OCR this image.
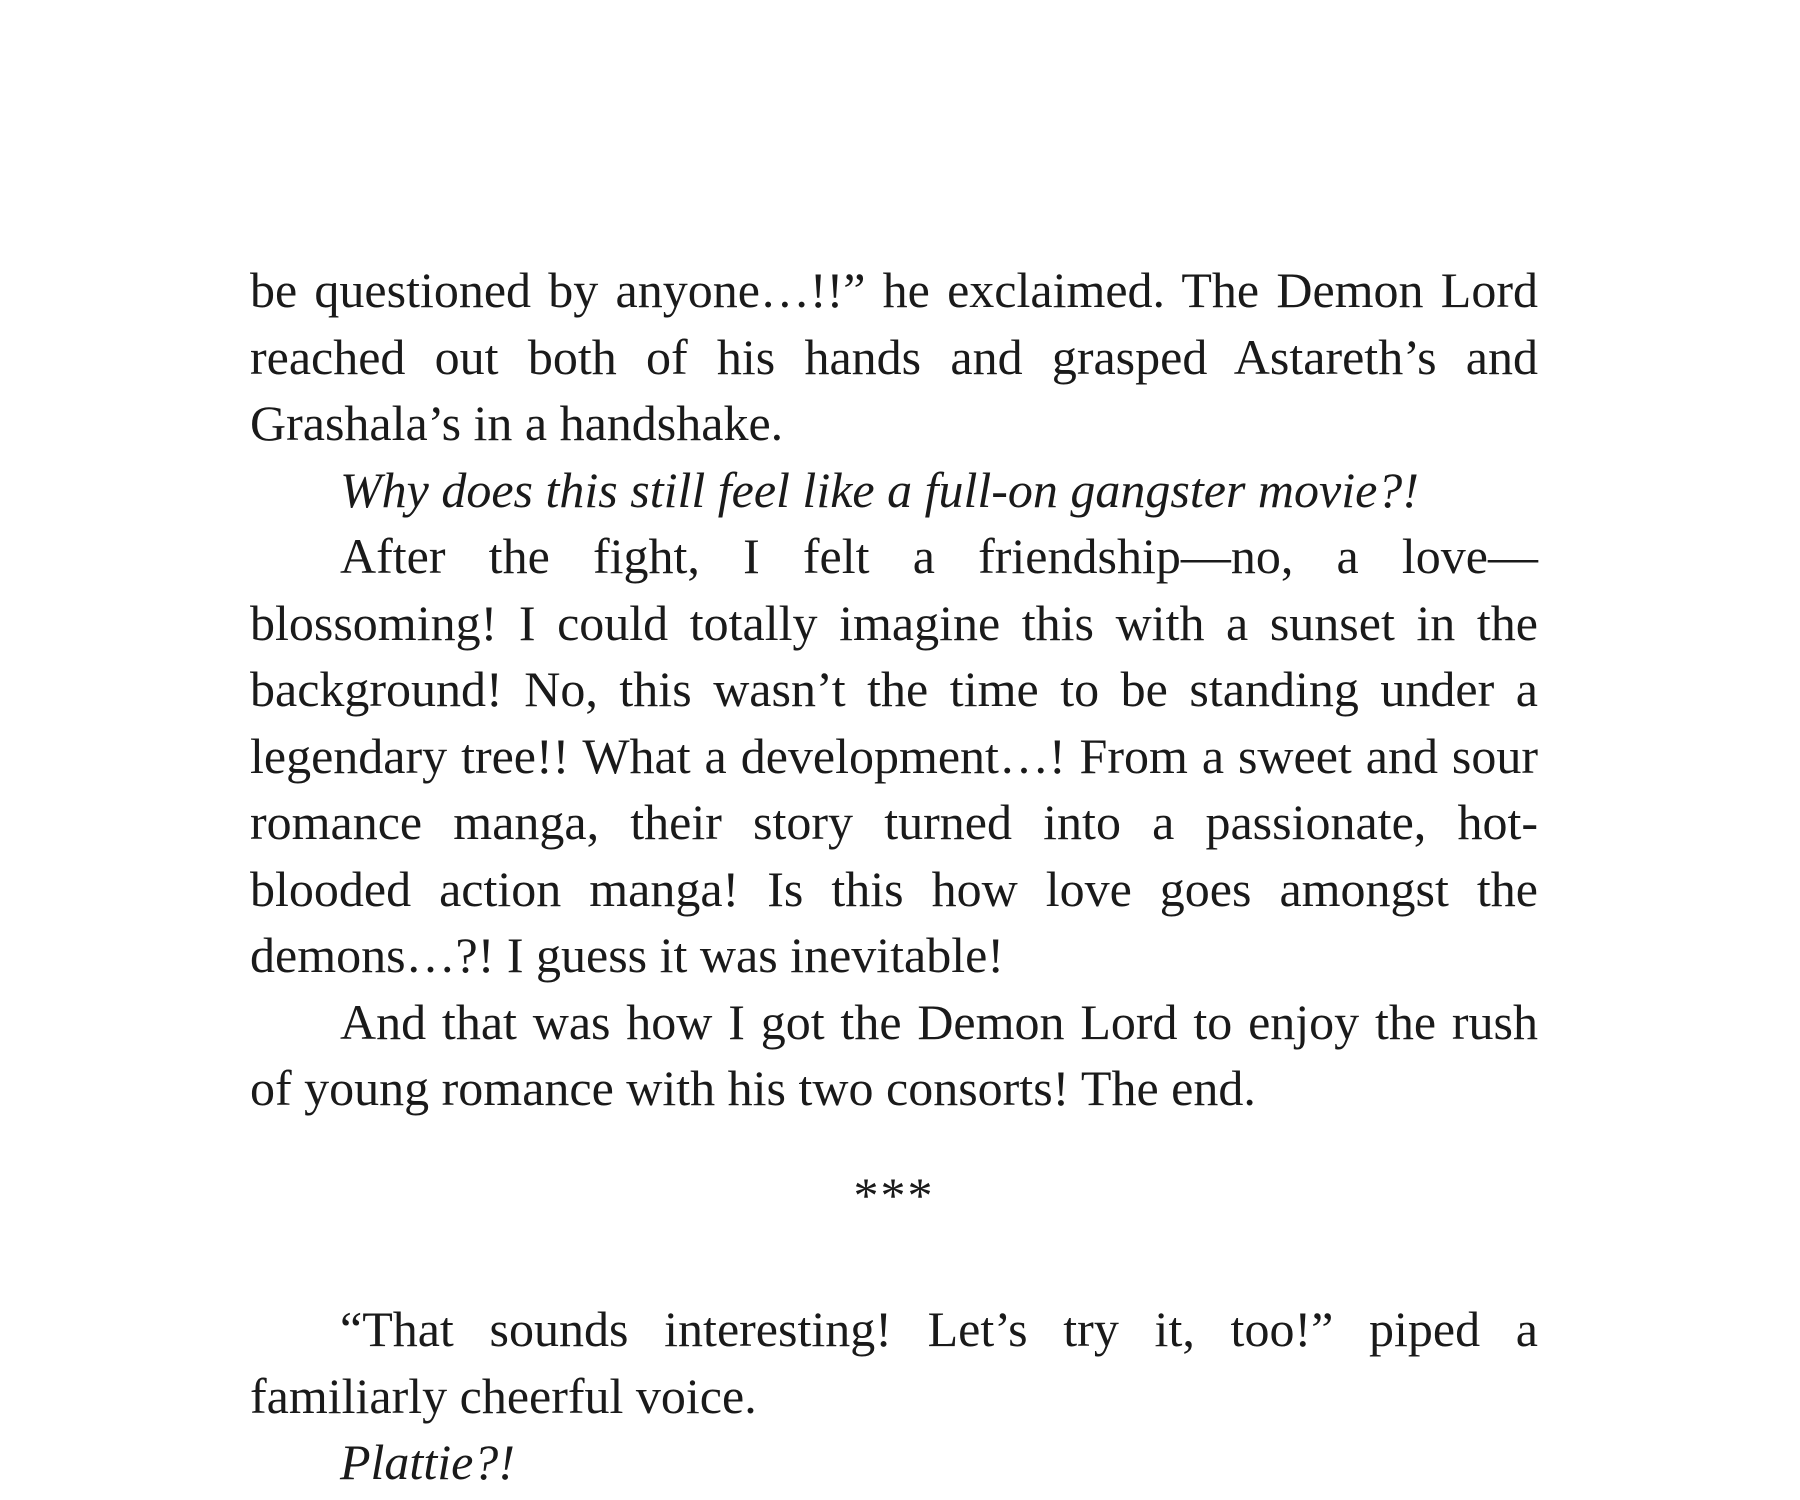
be questioned by anyone…!!” he exclaimed. The Demon Lord reached out both of his hands and grasped Astareth’s and Grashala’s in a handshake.

Why does this still feel like a full-on gangster movie?!

After the fight, I felt a friendship—no, a love—blossoming! I could totally imagine this with a sunset in the background! No, this wasn’t the time to be standing under a legendary tree!! What a development…! From a sweet and sour romance manga, their story turned into a passionate, hot-blooded action manga! Is this how love goes amongst the demons…?! I guess it was inevitable!

And that was how I got the Demon Lord to enjoy the rush of young romance with his two consorts! The end.

***

“That sounds interesting! Let’s try it, too!” piped a familiarly cheerful voice.

Plattie?!
